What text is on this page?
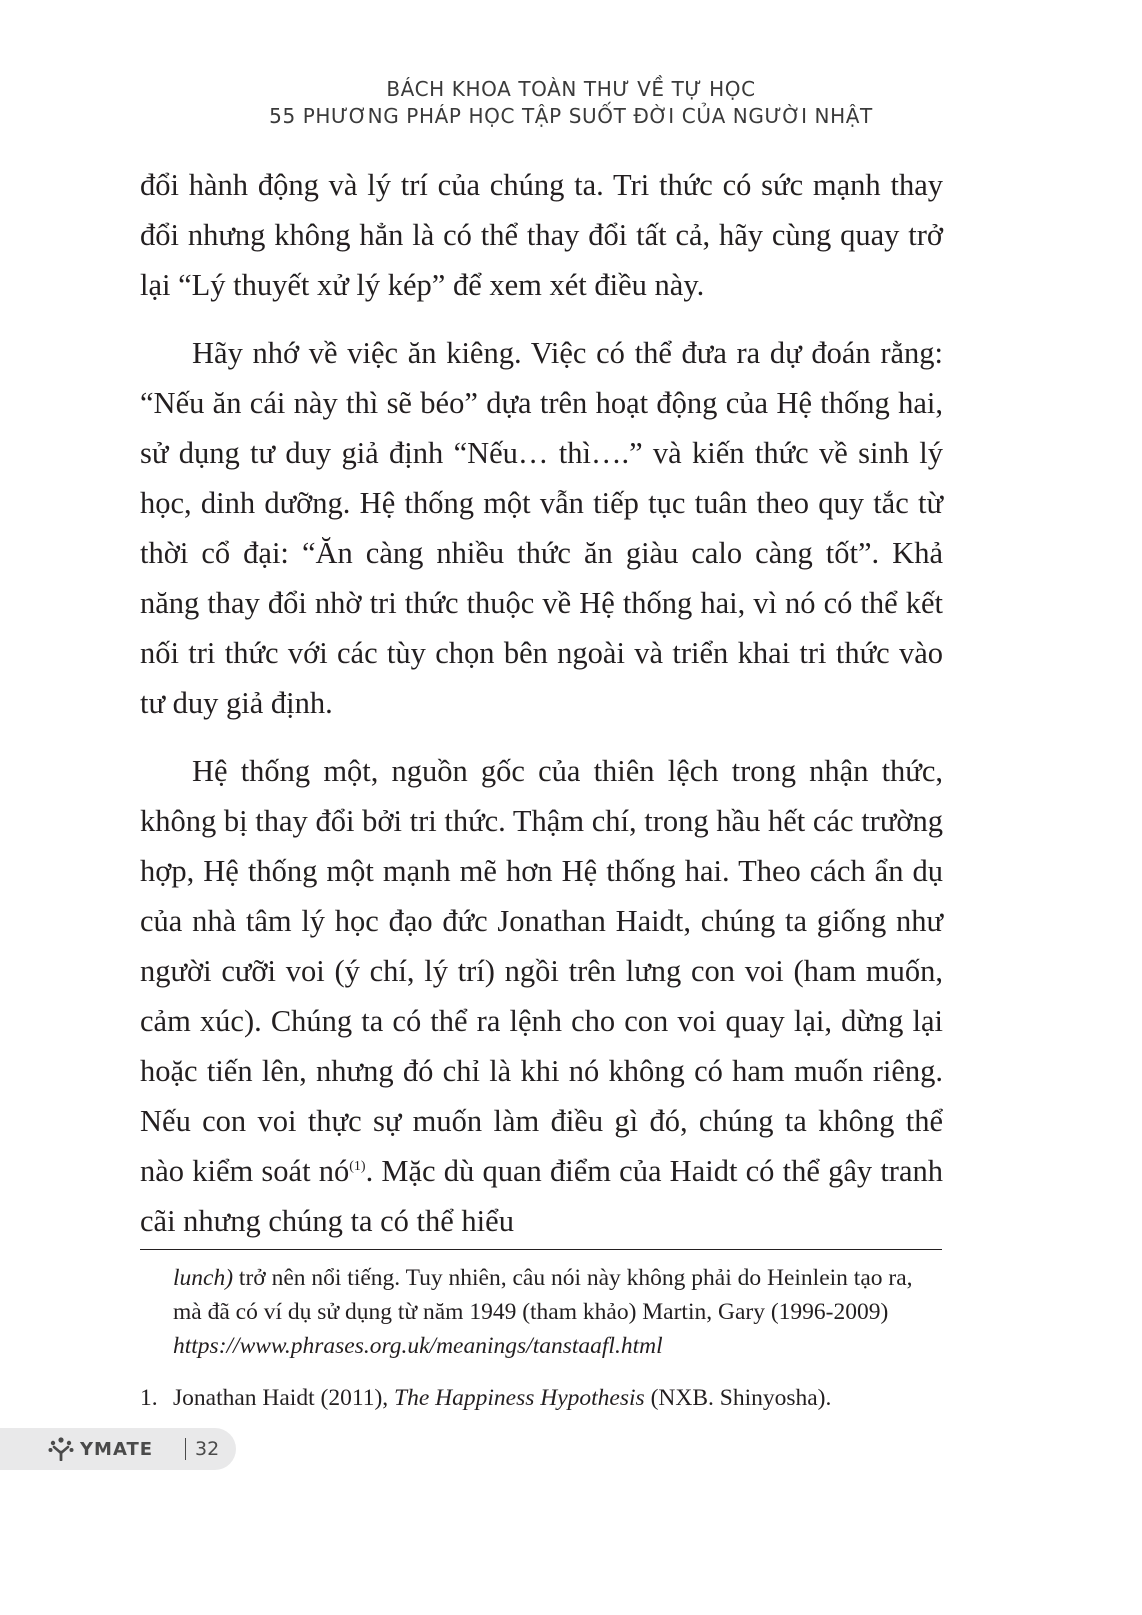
BÁCH KHOA TOÀN THƯ VỀ TỰ HỌC
55 PHƯƠNG PHÁP HỌC TẬP SUỐT ĐỜI CỦA NGƯỜI NHẬT

đổi hành động và lý trí của chúng ta. Tri thức có sức mạnh thay đổi nhưng không hẳn là có thể thay đổi tất cả, hãy cùng quay trở lại “Lý thuyết xử lý kép” để xem xét điều này.

Hãy nhớ về việc ăn kiêng. Việc có thể đưa ra dự đoán rằng: “Nếu ăn cái này thì sẽ béo” dựa trên hoạt động của Hệ thống hai, sử dụng tư duy giả định “Nếu… thì….” và kiến thức về sinh lý học, dinh dưỡng. Hệ thống một vẫn tiếp tục tuân theo quy tắc từ thời cổ đại: “Ăn càng nhiều thức ăn giàu calo càng tốt”. Khả năng thay đổi nhờ tri thức thuộc về Hệ thống hai, vì nó có thể kết nối tri thức với các tùy chọn bên ngoài và triển khai tri thức vào tư duy giả định.

Hệ thống một, nguồn gốc của thiên lệch trong nhận thức, không bị thay đổi bởi tri thức. Thậm chí, trong hầu hết các trường hợp, Hệ thống một mạnh mẽ hơn Hệ thống hai. Theo cách ẩn dụ của nhà tâm lý học đạo đức Jonathan Haidt, chúng ta giống như người cưỡi voi (ý chí, lý trí) ngồi trên lưng con voi (ham muốn, cảm xúc). Chúng ta có thể ra lệnh cho con voi quay lại, dừng lại hoặc tiến lên, nhưng đó chỉ là khi nó không có ham muốn riêng. Nếu con voi thực sự muốn làm điều gì đó, chúng ta không thể nào kiểm soát nó$^{(1)}$. Mặc dù quan điểm của Haidt có thể gây tranh cãi nhưng chúng ta có thể hiểu

lunch) trở nên nổi tiếng. Tuy nhiên, câu nói này không phải do Heinlein tạo ra, mà đã có ví dụ sử dụng từ năm 1949 (tham khảo) Martin, Gary (1996-2009) https://www.phrases.org.uk/meanings/tanstaafl.html
1. Jonathan Haidt (2011), The Happiness Hypothesis (NXB. Shinyosha).
YMATE 32
